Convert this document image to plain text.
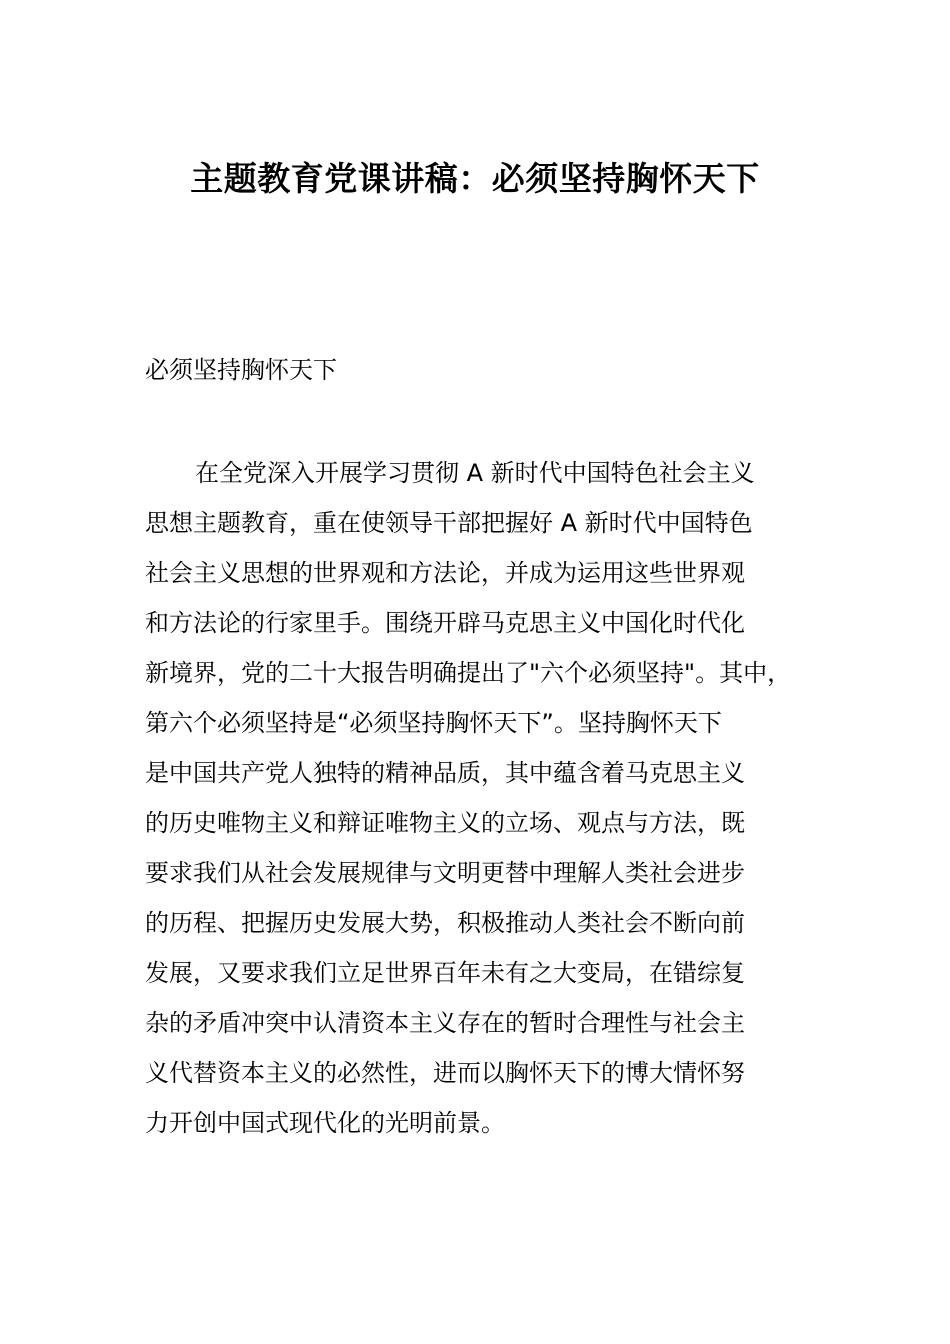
主题教育党课讲稿：必须坚持胸怀天下

必须坚持胸怀天下

在全党深入开展学习贯彻 A 新时代中国特色社会主义
思想主题教育，重在使领导干部把握好 A 新时代中国特色
社会主义思想的世界观和方法论，并成为运用这些世界观
和方法论的行家里手。围绕开辟马克思主义中国化时代化
新境界，党的二十大报告明确提出了"六个必须坚持"。其中，
第六个必须坚持是“必须坚持胸怀天下”。坚持胸怀天下
是中国共产党人独特的精神品质，其中蕴含着马克思主义
的历史唯物主义和辩证唯物主义的立场、观点与方法，既
要求我们从社会发展规律与文明更替中理解人类社会进步
的历程、把握历史发展大势，积极推动人类社会不断向前
发展，又要求我们立足世界百年未有之大变局，在错综复
杂的矛盾冲突中认清资本主义存在的暂时合理性与社会主
义代替资本主义的必然性，进而以胸怀天下的博大情怀努
力开创中国式现代化的光明前景。
